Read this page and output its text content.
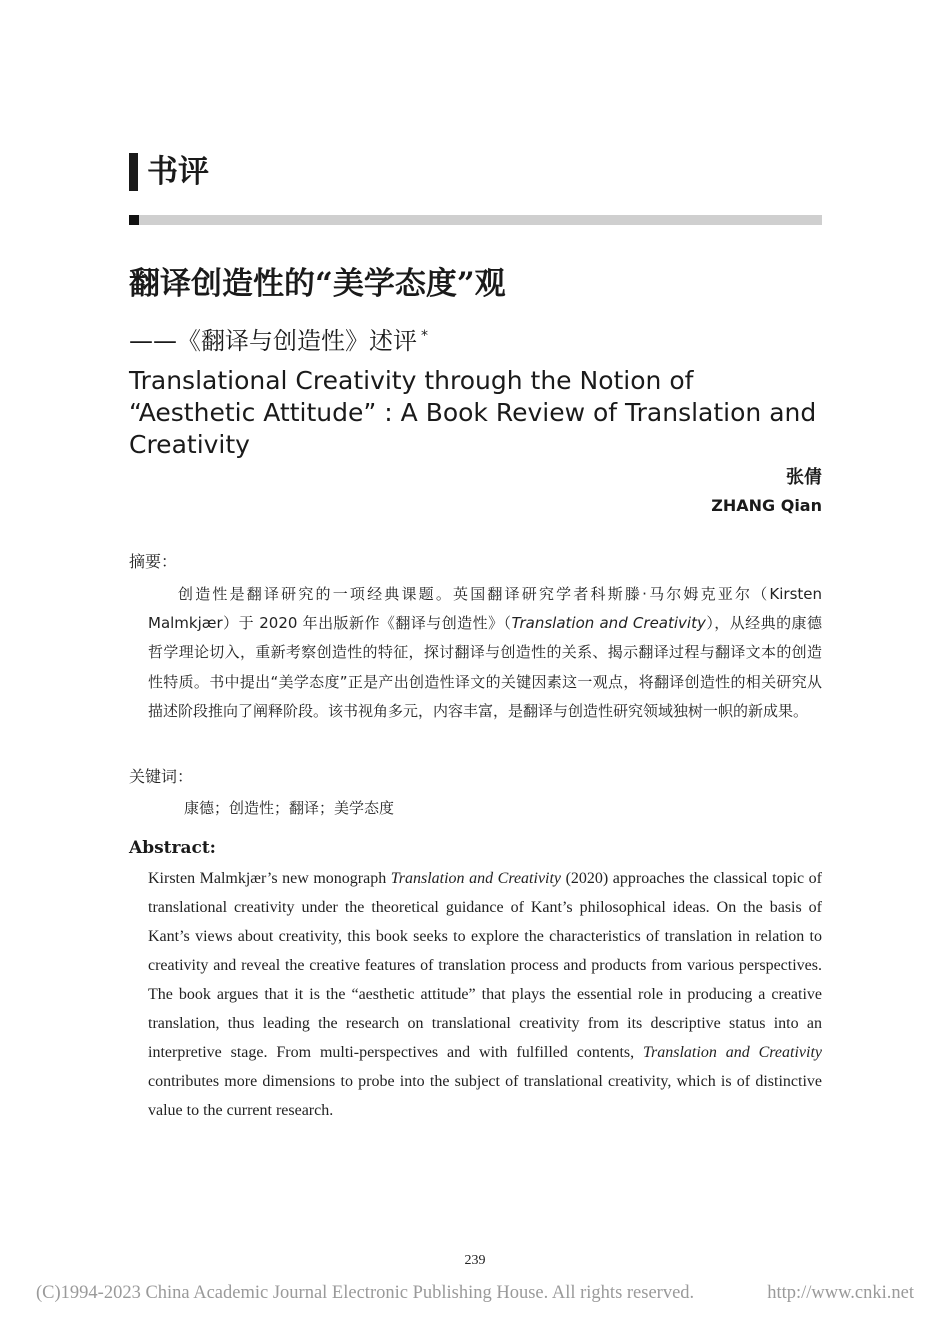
书评
翻译创造性的“美学态度”观
——《翻译与创造性》述评 *
Translational Creativity through the Notion of “Aesthetic Attitude” : A Book Review of Translation and Creativity
张倩
ZHANG Qian
摘要：
创造性是翻译研究的一项经典课题。英国翻译研究学者科斯滕·马尔姆克亚尔（Kirsten Malmkjær）于 2020 年出版新作《翻译与创造性》（Translation and Creativity），从经典的康德哲学理论切入，重新考察创造性的特征，探讨翻译与创造性的关系、揭示翻译过程与翻译文本的创造性特质。书中提出“美学态度”正是产出创造性译文的关键因素这一观点，将翻译创造性的相关研究从描述阶段推向了阐释阶段。该书视角多元，内容丰富，是翻译与创造性研究领域独树一帜的新成果。
关键词：
康德；创造性；翻译；美学态度
Abstract:
Kirsten Malmkjær’s new monograph Translation and Creativity (2020) approaches the classical topic of translational creativity under the theoretical guidance of Kant’s philosophical ideas. On the basis of Kant’s views about creativity, this book seeks to explore the characteristics of translation in relation to creativity and reveal the creative features of translation process and products from various perspectives. The book argues that it is the “aesthetic attitude” that plays the essential role in producing a creative translation, thus leading the research on translational creativity from its descriptive status into an interpretive stage. From multi-perspectives and with fulfilled contents, Translation and Creativity contributes more dimensions to probe into the subject of translational creativity, which is of distinctive value to the current research.
239
(C)1994-2023 China Academic Journal Electronic Publishing House. All rights reserved.	http://www.cnki.net
